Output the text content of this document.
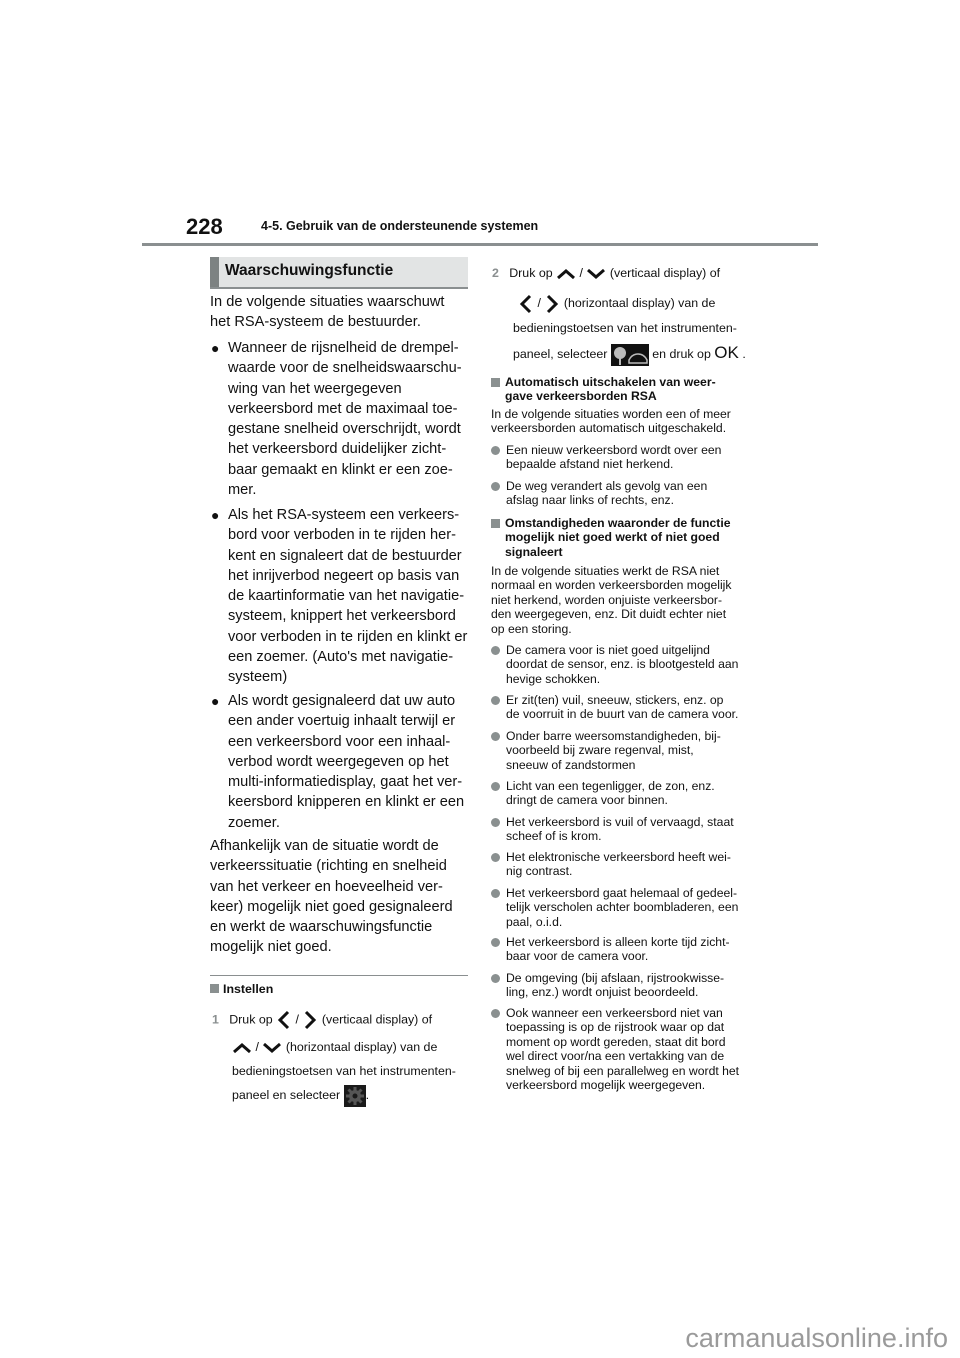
228	4-5. Gebruik van de ondersteunende systemen
Waarschuwingsfunctie
In de volgende situaties waarschuwt
het RSA-systeem de bestuurder.
● Wanneer de rijsnelheid de drempel-
waarde voor de snelheidswaarschu-
wing van het weergegeven
verkeersbord met de maximaal toe-
gestane snelheid overschrijdt, wordt
het verkeersbord duidelijker zicht-
baar gemaakt en klinkt er een zoe-
mer.
● Als het RSA-systeem een verkeers-
bord voor verboden in te rijden her-
kent en signaleert dat de bestuurder
het inrijverbod negeert op basis van
de kaartinformatie van het navigatie-
systeem, knippert het verkeersbord
voor verboden in te rijden en klinkt er
een zoemer. (Auto's met navigatie-
systeem)
● Als wordt gesignaleerd dat uw auto
een ander voertuig inhaalt terwijl er
een verkeersbord voor een inhaal-
verbod wordt weergegeven op het
multi-informatiedisplay, gaat het ver-
keersbord knipperen en klinkt er een
zoemer.
Afhankelijk van de situatie wordt de
verkeerssituatie (richting en snelheid
van het verkeer en hoeveelheid ver-
keer) mogelijk niet goed gesignaleerd
en werkt de waarschuwingsfunctie
mogelijk niet goed.
Instellen
1 Druk op / (verticaal display) of
/ (horizontaal display) van de
bedieningstoetsen van het instrumenten-
paneel en selecteer .
2 Druk op / (verticaal display) of
/ (horizontaal display) van de
bedieningstoetsen van het instrumenten-
paneel, selecteer	en druk op OK .
Automatisch uitschakelen van weer-
gave verkeersborden RSA
In de volgende situaties worden een of meer
verkeersborden automatisch uitgeschakeld.
Een nieuw verkeersbord wordt over een
bepaalde afstand niet herkend.
De weg verandert als gevolg van een
afslag naar links of rechts, enz.
Omstandigheden waaronder de functie
mogelijk niet goed werkt of niet goed
signaleert
In de volgende situaties werkt de RSA niet
normaal en worden verkeersborden mogelijk
niet herkend, worden onjuiste verkeersbor-
den weergegeven, enz. Dit duidt echter niet
op een storing.
De camera voor is niet goed uitgelijnd
doordat de sensor, enz. is blootgesteld aan
hevige schokken.
Er zit(ten) vuil, sneeuw, stickers, enz. op
de voorruit in de buurt van de camera voor.
Onder barre weersomstandigheden, bij-
voorbeeld bij zware regenval, mist,
sneeuw of zandstormen
Licht van een tegenligger, de zon, enz.
dringt de camera voor binnen.
Het verkeersbord is vuil of vervaagd, staat
scheef of is krom.
Het elektronische verkeersbord heeft wei-
nig contrast.
Het verkeersbord gaat helemaal of gedeel-
telijk verscholen achter boombladeren, een
paal, o.i.d.
Het verkeersbord is alleen korte tijd zicht-
baar voor de camera voor.
De omgeving (bij afslaan, rijstrookwisse-
ling, enz.) wordt onjuist beoordeeld.
Ook wanneer een verkeersbord niet van
toepassing is op de rijstrook waar op dat
moment op wordt gereden, staat dit bord
wel direct voor/na een vertakking van de
snelweg of bij een parallelweg en wordt het
verkeersbord mogelijk weergegeven.
carmanualsonline.info
